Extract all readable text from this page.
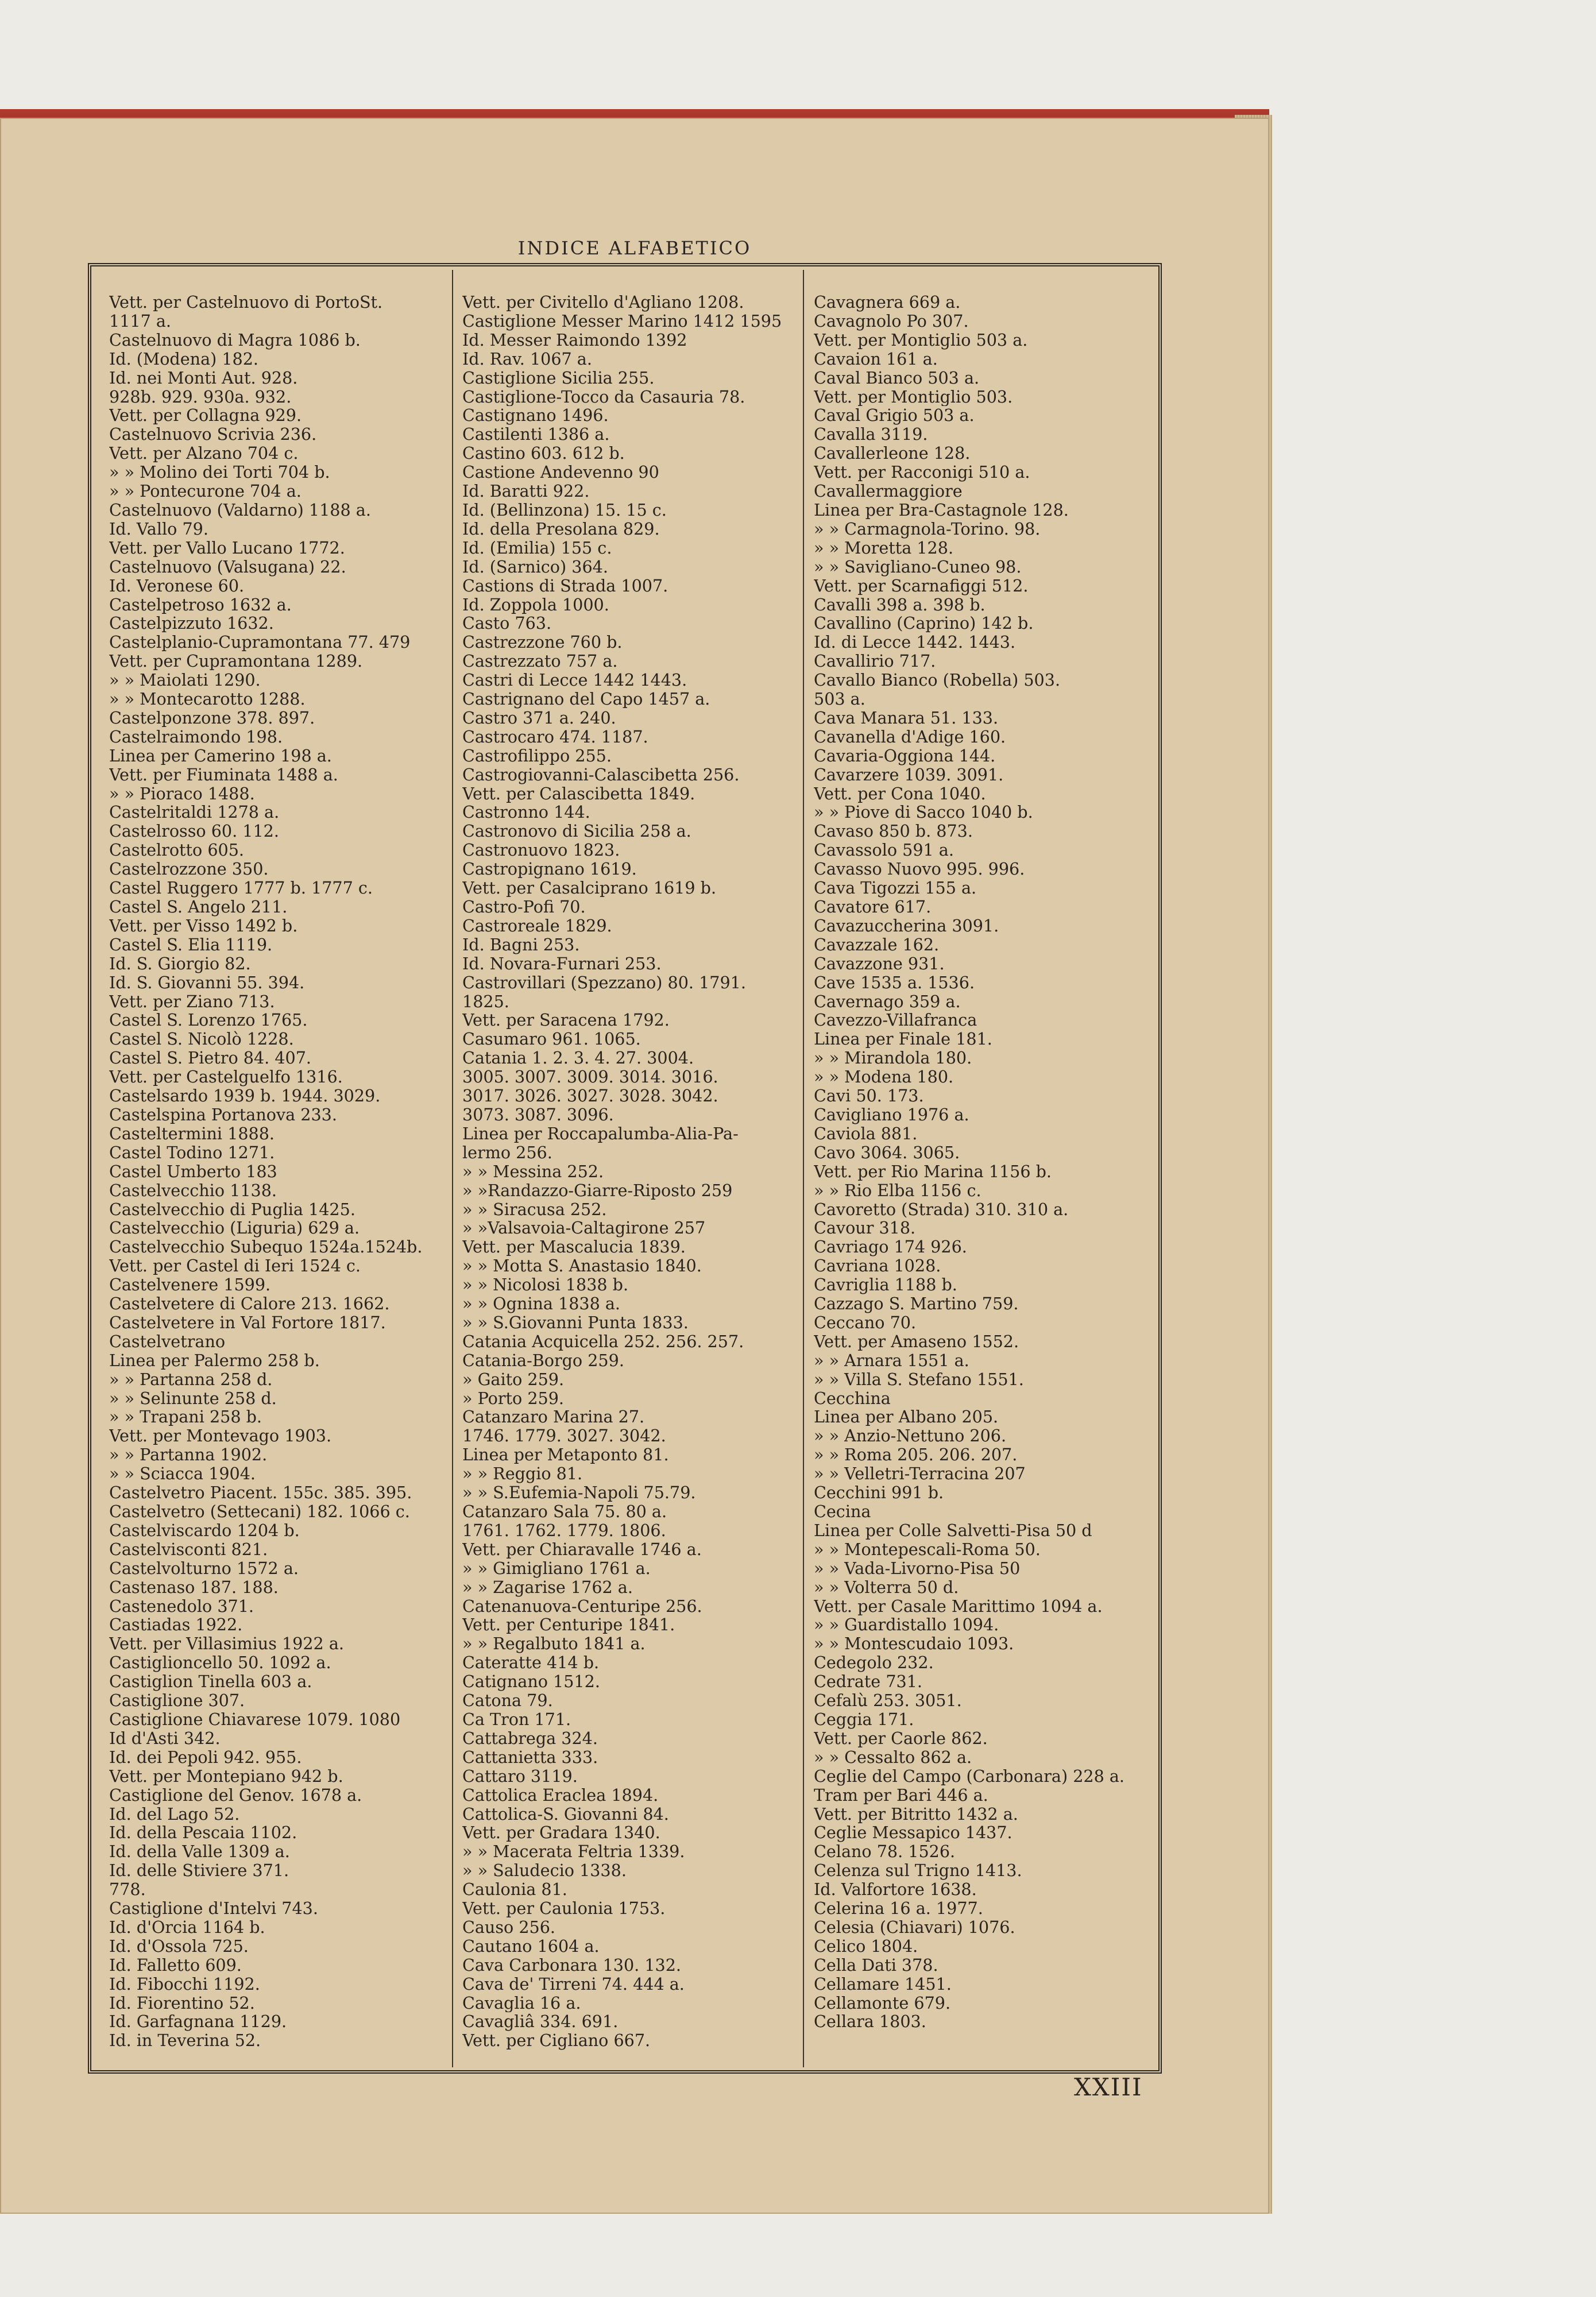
INDICE ALFABETICO
Vett. per Castelnuovo di PortoSt.
1117 a.
Castelnuovo di Magra 1086 b.
Id. (Modena) 182.
Id. nei Monti Aut. 928.
928b. 929. 930a. 932.
Vett. per Collagna 929.
Castelnuovo Scrivia 236.
Vett. per Alzano 704 c.
» » Molino dei Torti 704 b.
» » Pontecurone 704 a.
Castelnuovo (Valdarno) 1188 a.
Id. Vallo 79.
Vett. per Vallo Lucano 1772.
Castelnuovo (Valsugana) 22.
Id. Veronese 60.
Castelpetroso 1632 a.
Castelpizzuto 1632.
Castelplanio-Cupramontana 77. 479
Vett. per Cupramontana 1289.
» » Maiolati 1290.
» » Montecarotto 1288.
Castelponzone 378. 897.
Castelraimondo 198.
Linea per Camerino 198 a.
Vett. per Fiuminata 1488 a.
» » Pioraco 1488.
Castelritaldi 1278 a.
Castelrosso 60. 112.
Castelrotto 605.
Castelrozzone 350.
Castel Ruggero 1777 b. 1777 c.
Castel S. Angelo 211.
Vett. per Visso 1492 b.
Castel S. Elia 1119.
Id. S. Giorgio 82.
Id. S. Giovanni 55. 394.
Vett. per Ziano 713.
Castel S. Lorenzo 1765.
Castel S. Nicolò 1228.
Castel S. Pietro 84. 407.
Vett. per Castelguelfo 1316.
Castelsardo 1939 b. 1944. 3029.
Castelspina Portanova 233.
Casteltermini 1888.
Castel Todino 1271.
Castel Umberto 183
Castelvecchio 1138.
Castelvecchio di Puglia 1425.
Castelvecchio (Liguria) 629 a.
Castelvecchio Subequo 1524a.1524b.
Vett. per Castel di Ieri 1524 c.
Castelvenere 1599.
Castelvetere di Calore 213. 1662.
Castelvetere in Val Fortore 1817.
Castelvetrano
Linea per Palermo 258 b.
» » Partanna 258 d.
» » Selinunte 258 d.
» » Trapani 258 b.
Vett. per Montevago 1903.
» » Partanna 1902.
» » Sciacca 1904.
Castelvetro Piacent. 155c. 385. 395.
Castelvetro (Settecani) 182. 1066 c.
Castelviscardo 1204 b.
Castelvisconti 821.
Castelvolturno 1572 a.
Castenaso 187. 188.
Castenedolo 371.
Castiadas 1922.
Vett. per Villasimius 1922 a.
Castiglioncello 50. 1092 a.
Castiglion Tinella 603 a.
Castiglione 307.
Castiglione Chiavarese 1079. 1080
Id d'Asti 342.
Id. dei Pepoli 942. 955.
Vett. per Montepiano 942 b.
Castiglione del Genov. 1678 a.
Id. del Lago 52.
Id. della Pescaia 1102.
Id. della Valle 1309 a.
Id. delle Stiviere 371.
778.
Castiglione d'Intelvi 743.
Id. d'Orcia 1164 b.
Id. d'Ossola 725.
Id. Falletto 609.
Id. Fibocchi 1192.
Id. Fiorentino 52.
Id. Garfagnana 1129.
Id. in Teverina 52.
Vett. per Civitello d'Agliano 1208.
Castiglione Messer Marino 1412 1595
Id. Messer Raimondo 1392
Id. Rav. 1067 a.
Castiglione Sicilia 255.
Castiglione-Tocco da Casauria 78.
Castignano 1496.
Castilenti 1386 a.
Castino 603. 612 b.
Castione Andevenno 90
Id. Baratti 922.
Id. (Bellinzona) 15. 15 c.
Id. della Presolana 829.
Id. (Emilia) 155 c.
Id. (Sarnico) 364.
Castions di Strada 1007.
Id. Zoppola 1000.
Casto 763.
Castrezzone 760 b.
Castrezzato 757 a.
Castri di Lecce 1442 1443.
Castrignano del Capo 1457 a.
Castro 371 a. 240.
Castrocaro 474. 1187.
Castrofilippo 255.
Castrogiovanni-Calascibetta 256.
Vett. per Calascibetta 1849.
Castronno 144.
Castronovo di Sicilia 258 a.
Castronuovo 1823.
Castropignano 1619.
Vett. per Casalciprano 1619 b.
Castro-Pofi 70.
Castroreale 1829.
Id. Bagni 253.
Id. Novara-Furnari 253.
Castrovillari (Spezzano) 80. 1791.
1825.
Vett. per Saracena 1792.
Casumaro 961. 1065.
Catania 1. 2. 3. 4. 27. 3004.
3005. 3007. 3009. 3014. 3016.
3017. 3026. 3027. 3028. 3042.
3073. 3087. 3096.
Linea per Roccapalumba-Alia-Pa-
lermo 256.
» » Messina 252.
» »Randazzo-Giarre-Riposto 259
» » Siracusa 252.
» »Valsavoia-Caltagirone 257
Vett. per Mascalucia 1839.
» » Motta S. Anastasio 1840.
» » Nicolosi 1838 b.
» » Ognina 1838 a.
» » S.Giovanni Punta 1833.
Catania Acquicella 252. 256. 257.
Catania-Borgo 259.
» Gaito 259.
» Porto 259.
Catanzaro Marina 27.
1746. 1779. 3027. 3042.
Linea per Metaponto 81.
» » Reggio 81.
» » S.Eufemia-Napoli 75.79.
Catanzaro Sala 75. 80 a.
1761. 1762. 1779. 1806.
Vett. per Chiaravalle 1746 a.
» » Gimigliano 1761 a.
» » Zagarise 1762 a.
Catenanuova-Centuripe 256.
Vett. per Centuripe 1841.
» » Regalbuto 1841 a.
Cateratte 414 b.
Catignano 1512.
Catona 79.
Ca Tron 171.
Cattabrega 324.
Cattanietta 333.
Cattaro 3119.
Cattolica Eraclea 1894.
Cattolica-S. Giovanni 84.
Vett. per Gradara 1340.
» » Macerata Feltria 1339.
» » Saludecio 1338.
Caulonia 81.
Vett. per Caulonia 1753.
Causo 256.
Cautano 1604 a.
Cava Carbonara 130. 132.
Cava de' Tirreni 74. 444 a.
Cavaglia 16 a.
Cavagliâ 334. 691.
Vett. per Cigliano 667.
Cavagnera 669 a.
Cavagnolo Po 307.
Vett. per Montiglio 503 a.
Cavaion 161 a.
Caval Bianco 503 a.
Vett. per Montiglio 503.
Caval Grigio 503 a.
Cavalla 3119.
Cavallerleone 128.
Vett. per Racconigi 510 a.
Cavallermaggiore
Linea per Bra-Castagnole 128.
» » Carmagnola-Torino. 98.
» » Moretta 128.
» » Savigliano-Cuneo 98.
Vett. per Scarnafiggi 512.
Cavalli 398 a. 398 b.
Cavallino (Caprino) 142 b.
Id. di Lecce 1442. 1443.
Cavallirio 717.
Cavallo Bianco (Robella) 503.
503 a.
Cava Manara 51. 133.
Cavanella d'Adige 160.
Cavaria-Oggiona 144.
Cavarzere 1039. 3091.
Vett. per Cona 1040.
» » Piove di Sacco 1040 b.
Cavaso 850 b. 873.
Cavassolo 591 a.
Cavasso Nuovo 995. 996.
Cava Tigozzi 155 a.
Cavatore 617.
Cavazuccherina 3091.
Cavazzale 162.
Cavazzone 931.
Cave 1535 a. 1536.
Cavernago 359 a.
Cavezzo-Villafranca
Linea per Finale 181.
» » Mirandola 180.
» » Modena 180.
Cavi 50. 173.
Cavigliano 1976 a.
Caviola 881.
Cavo 3064. 3065.
Vett. per Rio Marina 1156 b.
» » Rio Elba 1156 c.
Cavoretto (Strada) 310. 310 a.
Cavour 318.
Cavriago 174 926.
Cavriana 1028.
Cavriglia 1188 b.
Cazzago S. Martino 759.
Ceccano 70.
Vett. per Amaseno 1552.
» » Arnara 1551 a.
» » Villa S. Stefano 1551.
Cecchina
Linea per Albano 205.
» » Anzio-Nettuno 206.
» » Roma 205. 206. 207.
» » Velletri-Terracina 207
Cecchini 991 b.
Cecina
Linea per Colle Salvetti-Pisa 50 d
» » Montepescali-Roma 50.
» » Vada-Livorno-Pisa 50
» » Volterra 50 d.
Vett. per Casale Marittimo 1094 a.
» » Guardistallo 1094.
» » Montescudaio 1093.
Cedegolo 232.
Cedrate 731.
Cefalù 253. 3051.
Ceggia 171.
Vett. per Caorle 862.
» » Cessalto 862 a.
Ceglie del Campo (Carbonara) 228 a.
Tram per Bari 446 a.
Vett. per Bitritto 1432 a.
Ceglie Messapico 1437.
Celano 78. 1526.
Celenza sul Trigno 1413.
Id. Valfortore 1638.
Celerina 16 a. 1977.
Celesia (Chiavari) 1076.
Celico 1804.
Cella Dati 378.
Cellamare 1451.
Cellamonte 679.
Cellara 1803.
XXIII
